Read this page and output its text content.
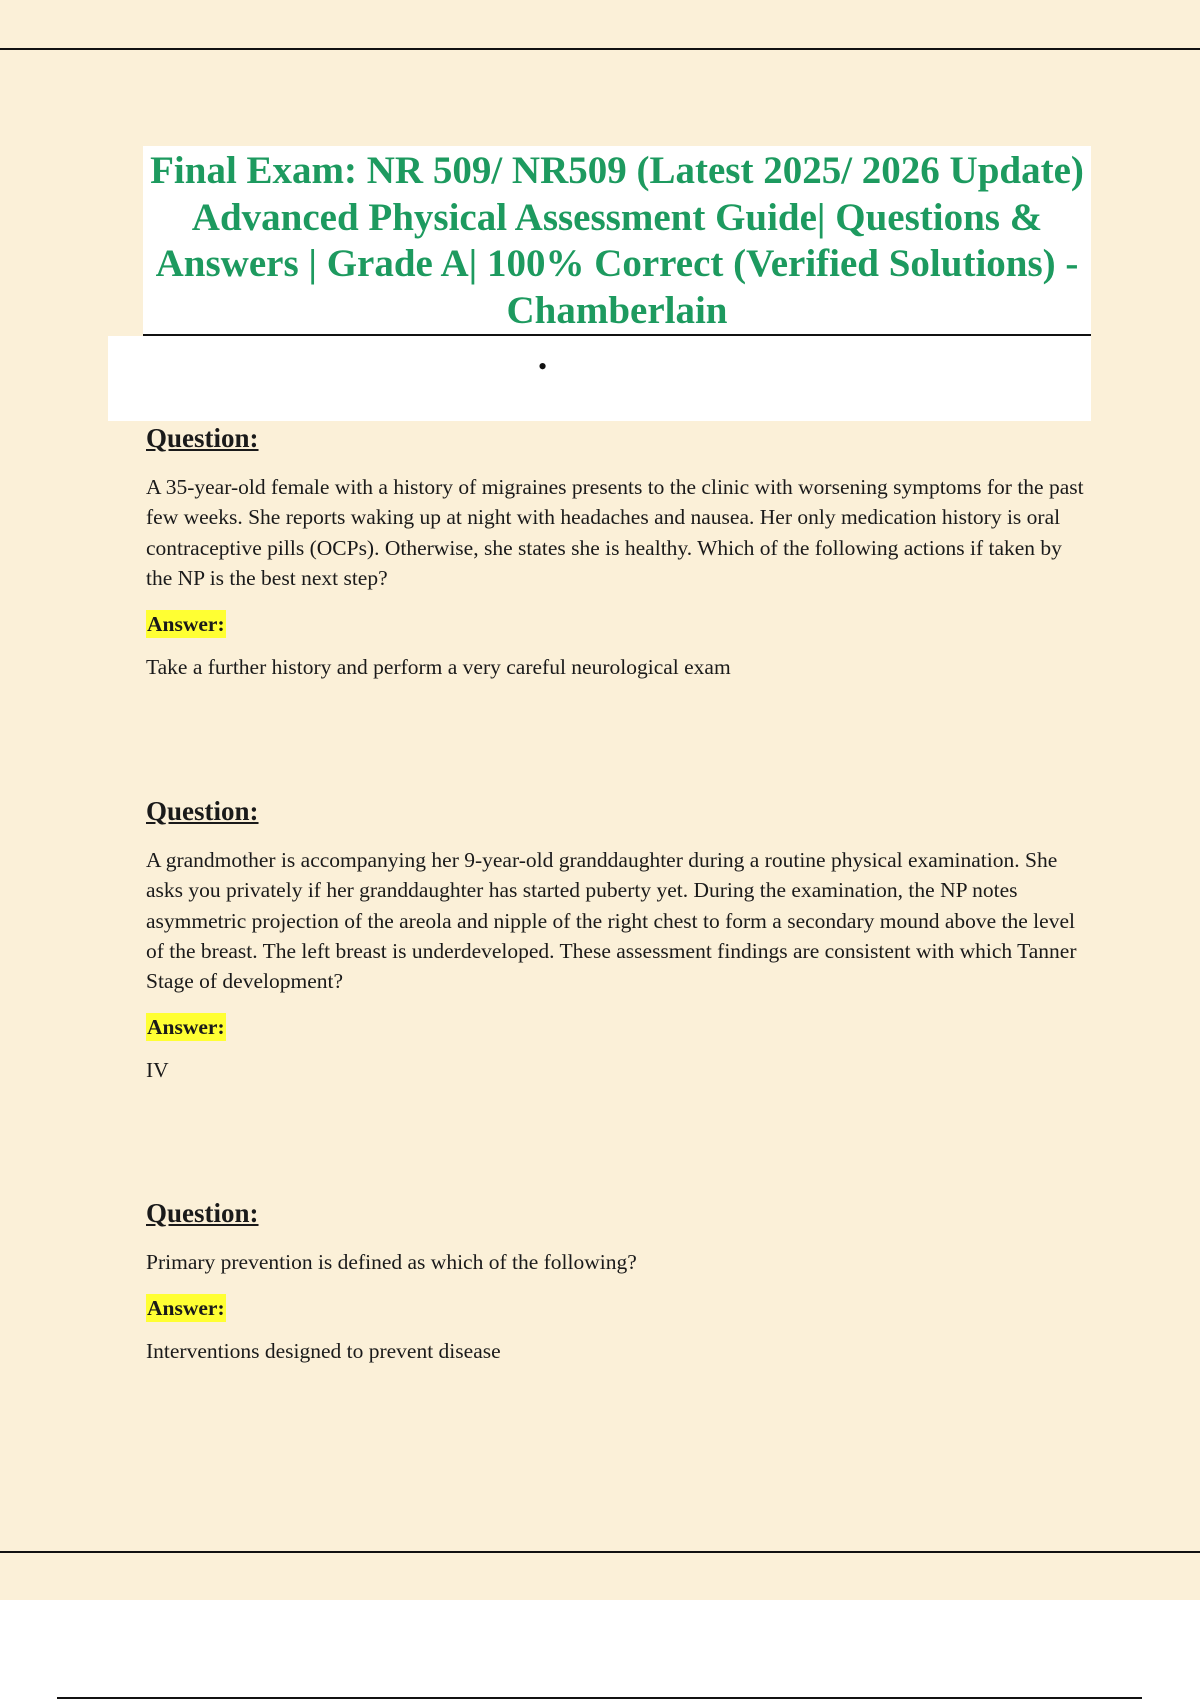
Final Exam: NR 509/ NR509 (Latest 2025/ 2026 Update) Advanced Physical Assessment Guide| Questions & Answers | Grade A| 100% Correct (Verified Solutions) - Chamberlain
•

Question:

A 35-year-old female with a history of migraines presents to the clinic with worsening symptoms for the past few weeks. She reports waking up at night with headaches and nausea. Her only medication history is oral contraceptive pills (OCPs). Otherwise, she states she is healthy. Which of the following actions if taken by the NP is the best next step?

Answer:

Take a further history and perform a very careful neurological exam

Question:

A grandmother is accompanying her 9-year-old granddaughter during a routine physical examination. She asks you privately if her granddaughter has started puberty yet. During the examination, the NP notes asymmetric projection of the areola and nipple of the right chest to form a secondary mound above the level of the breast. The left breast is underdeveloped. These assessment findings are consistent with which Tanner Stage of development?

Answer:

IV

Question:

Primary prevention is defined as which of the following?

Answer:

Interventions designed to prevent disease
